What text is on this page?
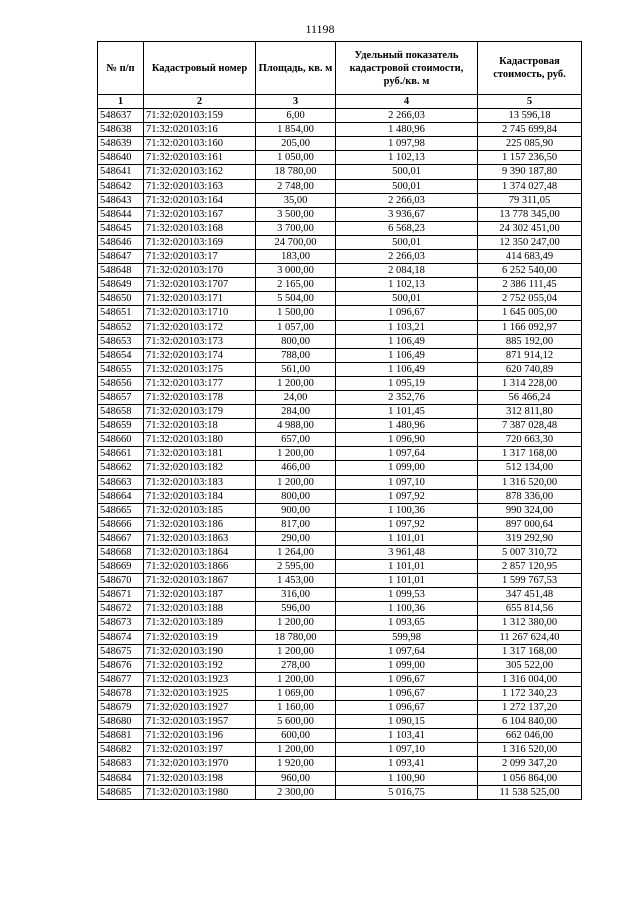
11198
№ п/п	Кадастровый номер	Площадь, кв. м	Удельный показатель кадастровой стоимости, руб./кв. м	Кадастровая стоимость, руб.
1	2	3	4	5
548637	71:32:020103:159	6,00	2 266,03	13 596,18
548638	71:32:020103:16	1 854,00	1 480,96	2 745 699,84
548639	71:32:020103:160	205,00	1 097,98	225 085,90
548640	71:32:020103:161	1 050,00	1 102,13	1 157 236,50
548641	71:32:020103:162	18 780,00	500,01	9 390 187,80
548642	71:32:020103:163	2 748,00	500,01	1 374 027,48
548643	71:32:020103:164	35,00	2 266,03	79 311,05
548644	71:32:020103:167	3 500,00	3 936,67	13 778 345,00
548645	71:32:020103:168	3 700,00	6 568,23	24 302 451,00
548646	71:32:020103:169	24 700,00	500,01	12 350 247,00
548647	71:32:020103:17	183,00	2 266,03	414 683,49
548648	71:32:020103:170	3 000,00	2 084,18	6 252 540,00
548649	71:32:020103:1707	2 165,00	1 102,13	2 386 111,45
548650	71:32:020103:171	5 504,00	500,01	2 752 055,04
548651	71:32:020103:1710	1 500,00	1 096,67	1 645 005,00
548652	71:32:020103:172	1 057,00	1 103,21	1 166 092,97
548653	71:32:020103:173	800,00	1 106,49	885 192,00
548654	71:32:020103:174	788,00	1 106,49	871 914,12
548655	71:32:020103:175	561,00	1 106,49	620 740,89
548656	71:32:020103:177	1 200,00	1 095,19	1 314 228,00
548657	71:32:020103:178	24,00	2 352,76	56 466,24
548658	71:32:020103:179	284,00	1 101,45	312 811,80
548659	71:32:020103:18	4 988,00	1 480,96	7 387 028,48
548660	71:32:020103:180	657,00	1 096,90	720 663,30
548661	71:32:020103:181	1 200,00	1 097,64	1 317 168,00
548662	71:32:020103:182	466,00	1 099,00	512 134,00
548663	71:32:020103:183	1 200,00	1 097,10	1 316 520,00
548664	71:32:020103:184	800,00	1 097,92	878 336,00
548665	71:32:020103:185	900,00	1 100,36	990 324,00
548666	71:32:020103:186	817,00	1 097,92	897 000,64
548667	71:32:020103:1863	290,00	1 101,01	319 292,90
548668	71:32:020103:1864	1 264,00	3 961,48	5 007 310,72
548669	71:32:020103:1866	2 595,00	1 101,01	2 857 120,95
548670	71:32:020103:1867	1 453,00	1 101,01	1 599 767,53
548671	71:32:020103:187	316,00	1 099,53	347 451,48
548672	71:32:020103:188	596,00	1 100,36	655 814,56
548673	71:32:020103:189	1 200,00	1 093,65	1 312 380,00
548674	71:32:020103:19	18 780,00	599,98	11 267 624,40
548675	71:32:020103:190	1 200,00	1 097,64	1 317 168,00
548676	71:32:020103:192	278,00	1 099,00	305 522,00
548677	71:32:020103:1923	1 200,00	1 096,67	1 316 004,00
548678	71:32:020103:1925	1 069,00	1 096,67	1 172 340,23
548679	71:32:020103:1927	1 160,00	1 096,67	1 272 137,20
548680	71:32:020103:1957	5 600,00	1 090,15	6 104 840,00
548681	71:32:020103:196	600,00	1 103,41	662 046,00
548682	71:32:020103:197	1 200,00	1 097,10	1 316 520,00
548683	71:32:020103:1970	1 920,00	1 093,41	2 099 347,20
548684	71:32:020103:198	960,00	1 100,90	1 056 864,00
548685	71:32:020103:1980	2 300,00	5 016,75	11 538 525,00
